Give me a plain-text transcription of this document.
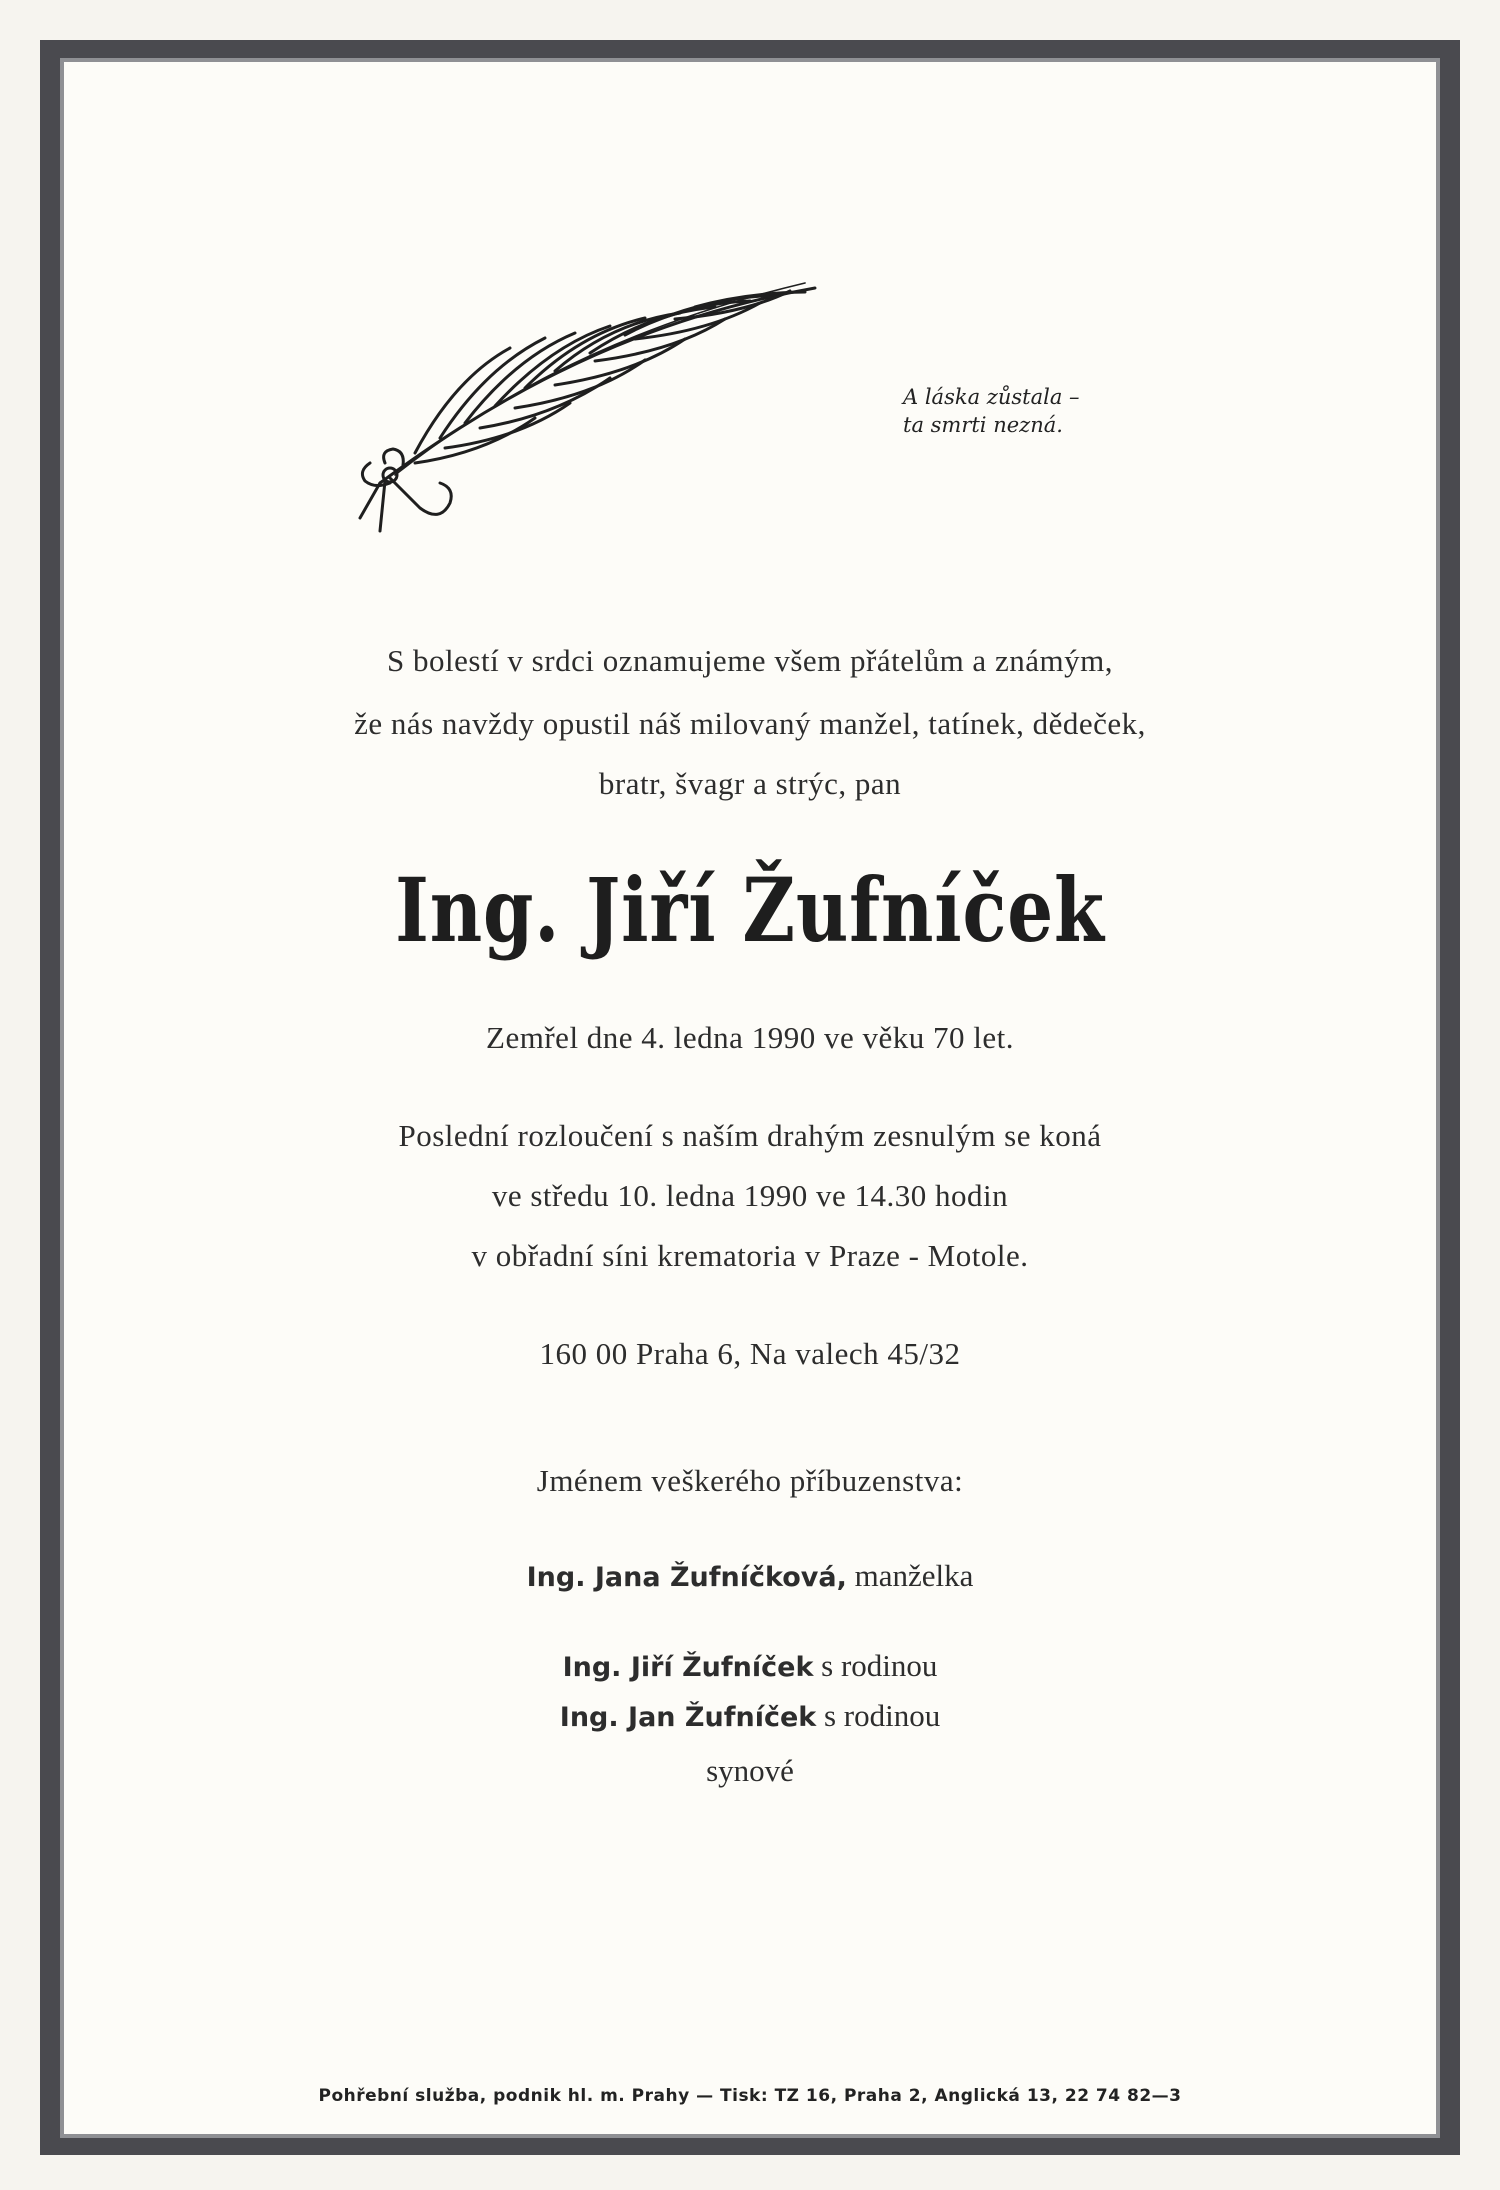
A láska zůstala –
ta smrti nezná.
S bolestí v srdci oznamujeme všem přátelům a známým,
že nás navždy opustil náš milovaný manžel, tatínek, dědeček,
bratr, švagr a strýc, pan
Ing. Jiří Žufníček
Zemřel dne 4. ledna 1990 ve věku 70 let.
Poslední rozloučení s naším drahým zesnulým se koná
ve středu 10. ledna 1990 ve 14.30 hodin
v obřadní síni krematoria v Praze - Motole.
160 00 Praha 6, Na valech 45/32
Jménem veškerého příbuzenstva:
Ing. Jana Žufníčková, manželka
Ing. Jiří Žufníček s rodinou
Ing. Jan Žufníček s rodinou
synové
Pohřební služba, podnik hl. m. Prahy — Tisk: TZ 16, Praha 2, Anglická 13, 22 74 82—3
